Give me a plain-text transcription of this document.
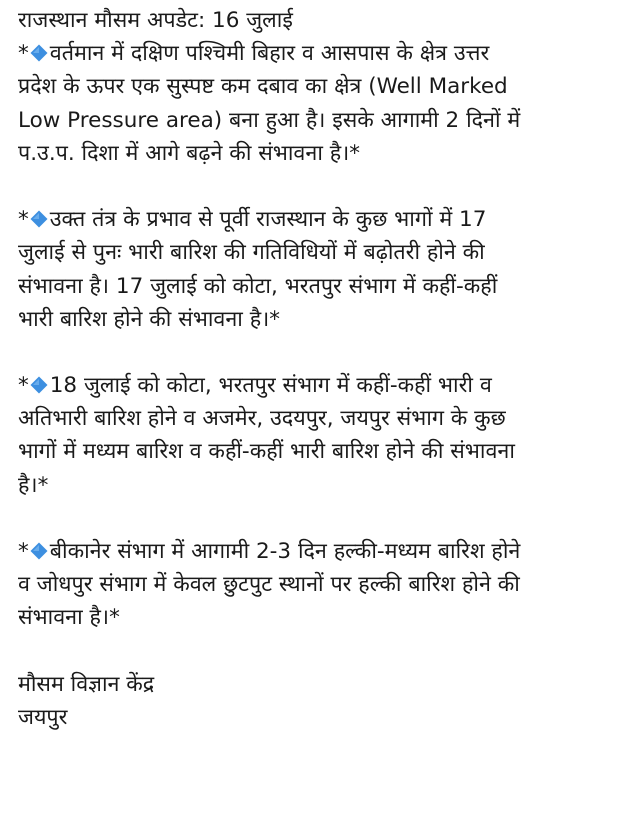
राजस्थान मौसम अपडेट: 16 जुलाई
* वर्तमान में दक्षिण पश्चिमी बिहार व आसपास के क्षेत्र उत्तर
प्रदेश के ऊपर एक सुस्पष्ट कम दबाव का क्षेत्र (Well Marked
Low Pressure area) बना हुआ है। इसके आगामी 2 दिनों में
प.उ.प. दिशा में आगे बढ़ने की संभावना है।*
* उक्त तंत्र के प्रभाव से पूर्वी राजस्थान के कुछ भागों में 17
जुलाई से पुनः भारी बारिश की गतिविधियों में बढ़ोतरी होने की
संभावना है। 17 जुलाई को कोटा, भरतपुर संभाग में कहीं-कहीं
भारी बारिश होने की संभावना है।*
* 18 जुलाई को कोटा, भरतपुर संभाग में कहीं-कहीं भारी व
अतिभारी बारिश होने व अजमेर, उदयपुर, जयपुर संभाग के कुछ
भागों में मध्यम बारिश व कहीं-कहीं भारी बारिश होने की संभावना
है।*
* बीकानेर संभाग में आगामी 2-3 दिन हल्की-मध्यम बारिश होने
व जोधपुर संभाग में केवल छुटपुट स्थानों पर हल्की बारिश होने की
संभावना है।*
मौसम विज्ञान केंद्र
जयपुर
